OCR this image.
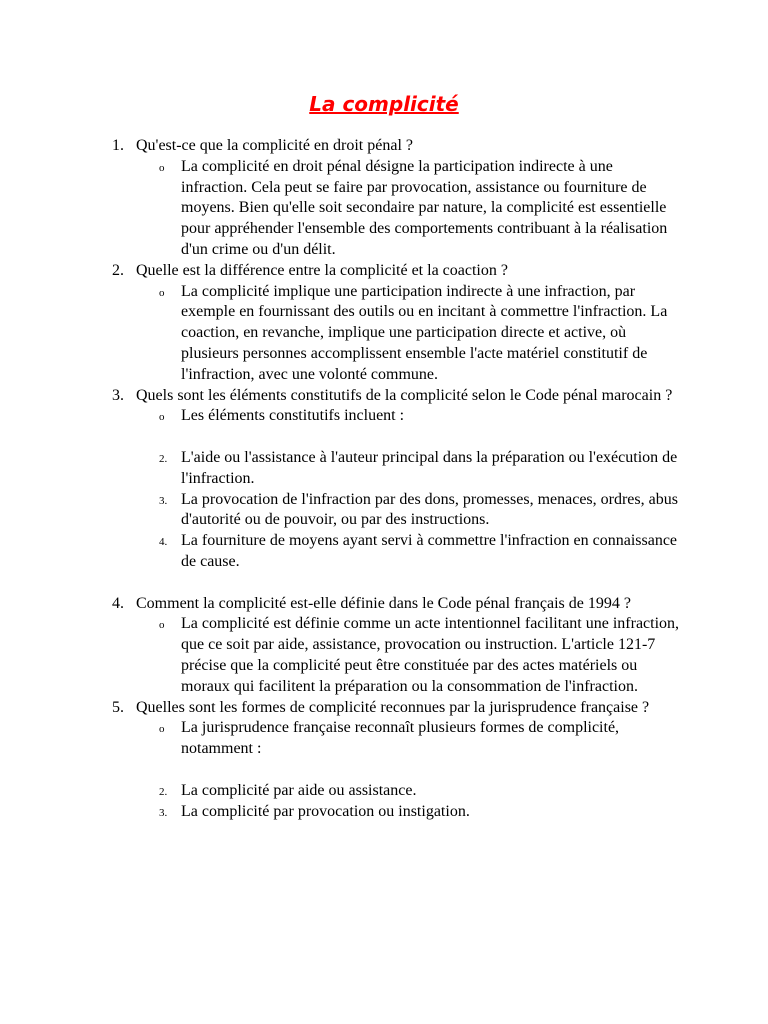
La complicité
1. Qu'est-ce que la complicité en droit pénal ?
o La complicité en droit pénal désigne la participation indirecte à une infraction. Cela peut se faire par provocation, assistance ou fourniture de moyens. Bien qu'elle soit secondaire par nature, la complicité est essentielle pour appréhender l'ensemble des comportements contribuant à la réalisation d'un crime ou d'un délit.
2. Quelle est la différence entre la complicité et la coaction ?
o La complicité implique une participation indirecte à une infraction, par exemple en fournissant des outils ou en incitant à commettre l'infraction. La coaction, en revanche, implique une participation directe et active, où plusieurs personnes accomplissent ensemble l'acte matériel constitutif de l'infraction, avec une volonté commune.
3. Quels sont les éléments constitutifs de la complicité selon le Code pénal marocain ?
o Les éléments constitutifs incluent :
2. L'aide ou l'assistance à l'auteur principal dans la préparation ou l'exécution de l'infraction.
3. La provocation de l'infraction par des dons, promesses, menaces, ordres, abus d'autorité ou de pouvoir, ou par des instructions.
4. La fourniture de moyens ayant servi à commettre l'infraction en connaissance de cause.
4. Comment la complicité est-elle définie dans le Code pénal français de 1994 ?
o La complicité est définie comme un acte intentionnel facilitant une infraction, que ce soit par aide, assistance, provocation ou instruction. L'article 121-7 précise que la complicité peut être constituée par des actes matériels ou moraux qui facilitent la préparation ou la consommation de l'infraction.
5. Quelles sont les formes de complicité reconnues par la jurisprudence française ?
o La jurisprudence française reconnaît plusieurs formes de complicité, notamment :
2. La complicité par aide ou assistance.
3. La complicité par provocation ou instigation.
